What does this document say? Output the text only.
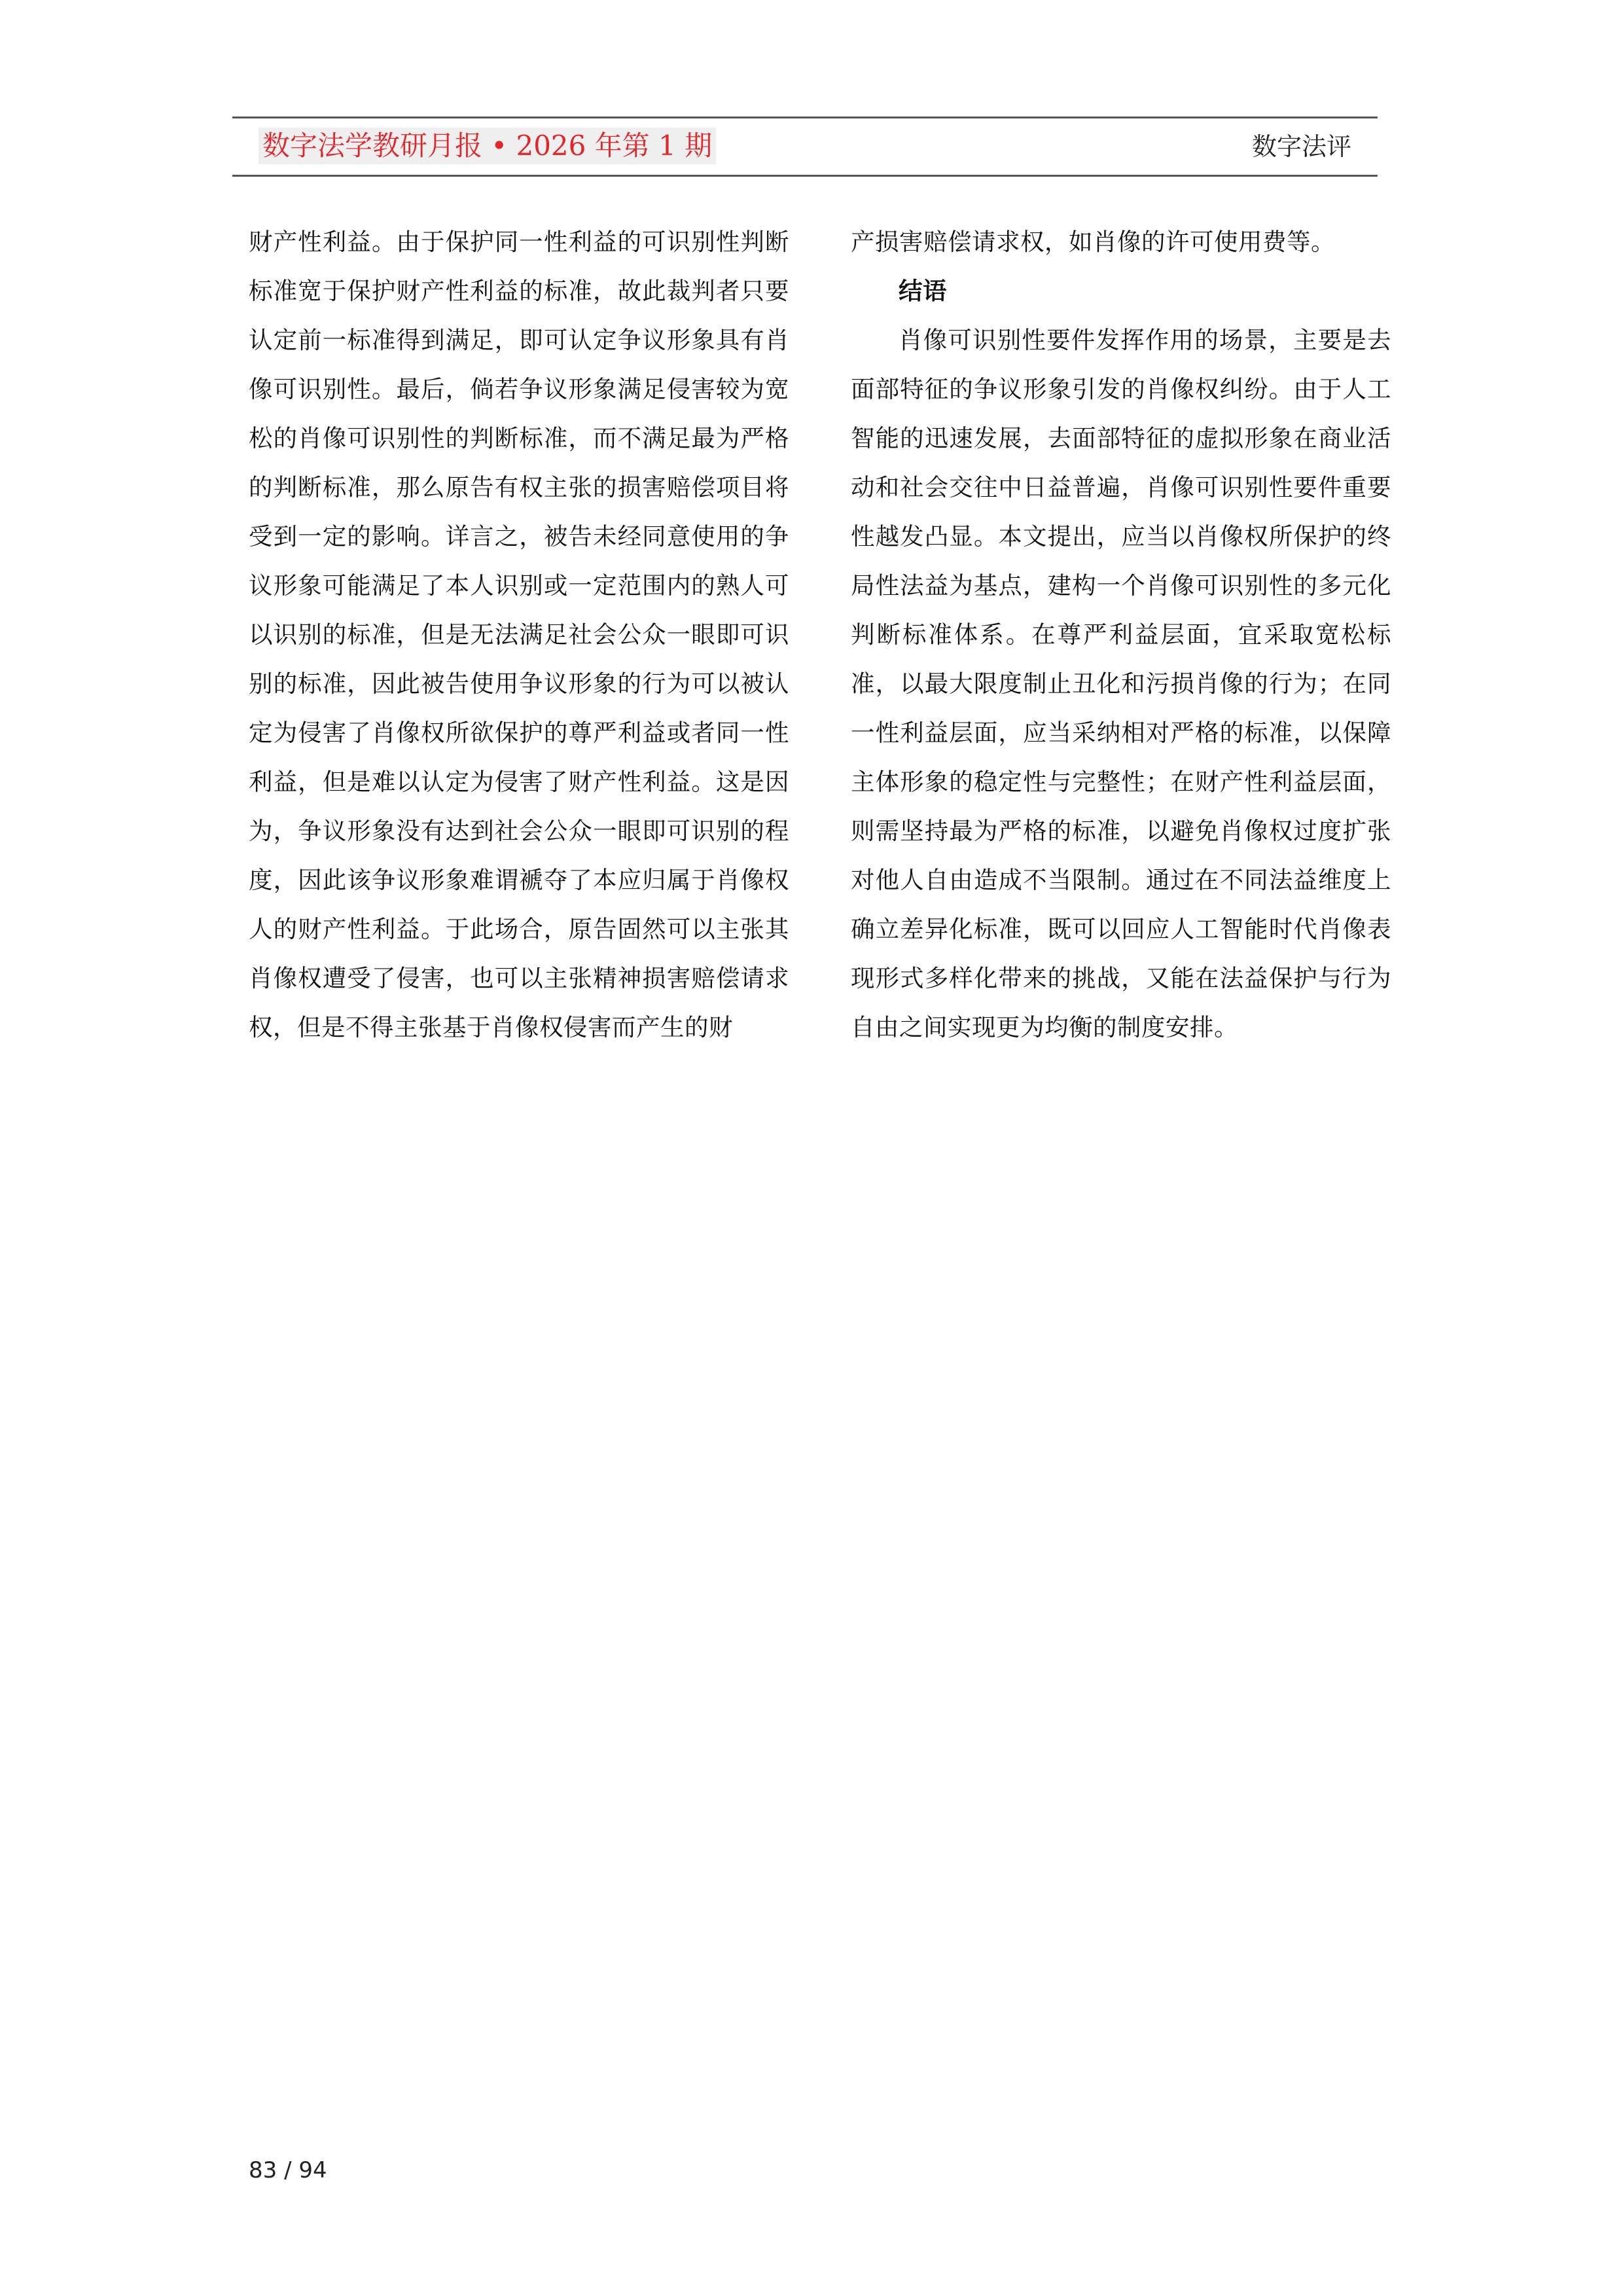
数字法学教研月报 • 2026 年第 1 期	数字法评

财产性利益。由于保护同一性利益的可识别性判断标准宽于保护财产性利益的标准，故此裁判者只要认定前一标准得到满足，即可认定争议形象具有肖像可识别性。最后，倘若争议形象满足侵害较为宽松的肖像可识别性的判断标准，而不满足最为严格的判断标准，那么原告有权主张的损害赔偿项目将受到一定的影响。详言之，被告未经同意使用的争议形象可能满足了本人识别或一定范围内的熟人可以识别的标准，但是无法满足社会公众一眼即可识别的标准，因此被告使用争议形象的行为可以被认定为侵害了肖像权所欲保护的尊严利益或者同一性利益，但是难以认定为侵害了财产性利益。这是因为，争议形象没有达到社会公众一眼即可识别的程度，因此该争议形象难谓褫夺了本应归属于肖像权人的财产性利益。于此场合，原告固然可以主张其肖像权遭受了侵害，也可以主张精神损害赔偿请求权，但是不得主张基于肖像权侵害而产生的财

产损害赔偿请求权，如肖像的许可使用费等。

结语

肖像可识别性要件发挥作用的场景，主要是去面部特征的争议形象引发的肖像权纠纷。由于人工智能的迅速发展，去面部特征的虚拟形象在商业活动和社会交往中日益普遍，肖像可识别性要件重要性越发凸显。本文提出，应当以肖像权所保护的终局性法益为基点，建构一个肖像可识别性的多元化判断标准体系。在尊严利益层面，宜采取宽松标准，以最大限度制止丑化和污损肖像的行为；在同一性利益层面，应当采纳相对严格的标准，以保障主体形象的稳定性与完整性；在财产性利益层面，则需坚持最为严格的标准，以避免肖像权过度扩张对他人自由造成不当限制。通过在不同法益维度上确立差异化标准，既可以回应人工智能时代肖像表现形式多样化带来的挑战，又能在法益保护与行为自由之间实现更为均衡的制度安排。

83 / 94
